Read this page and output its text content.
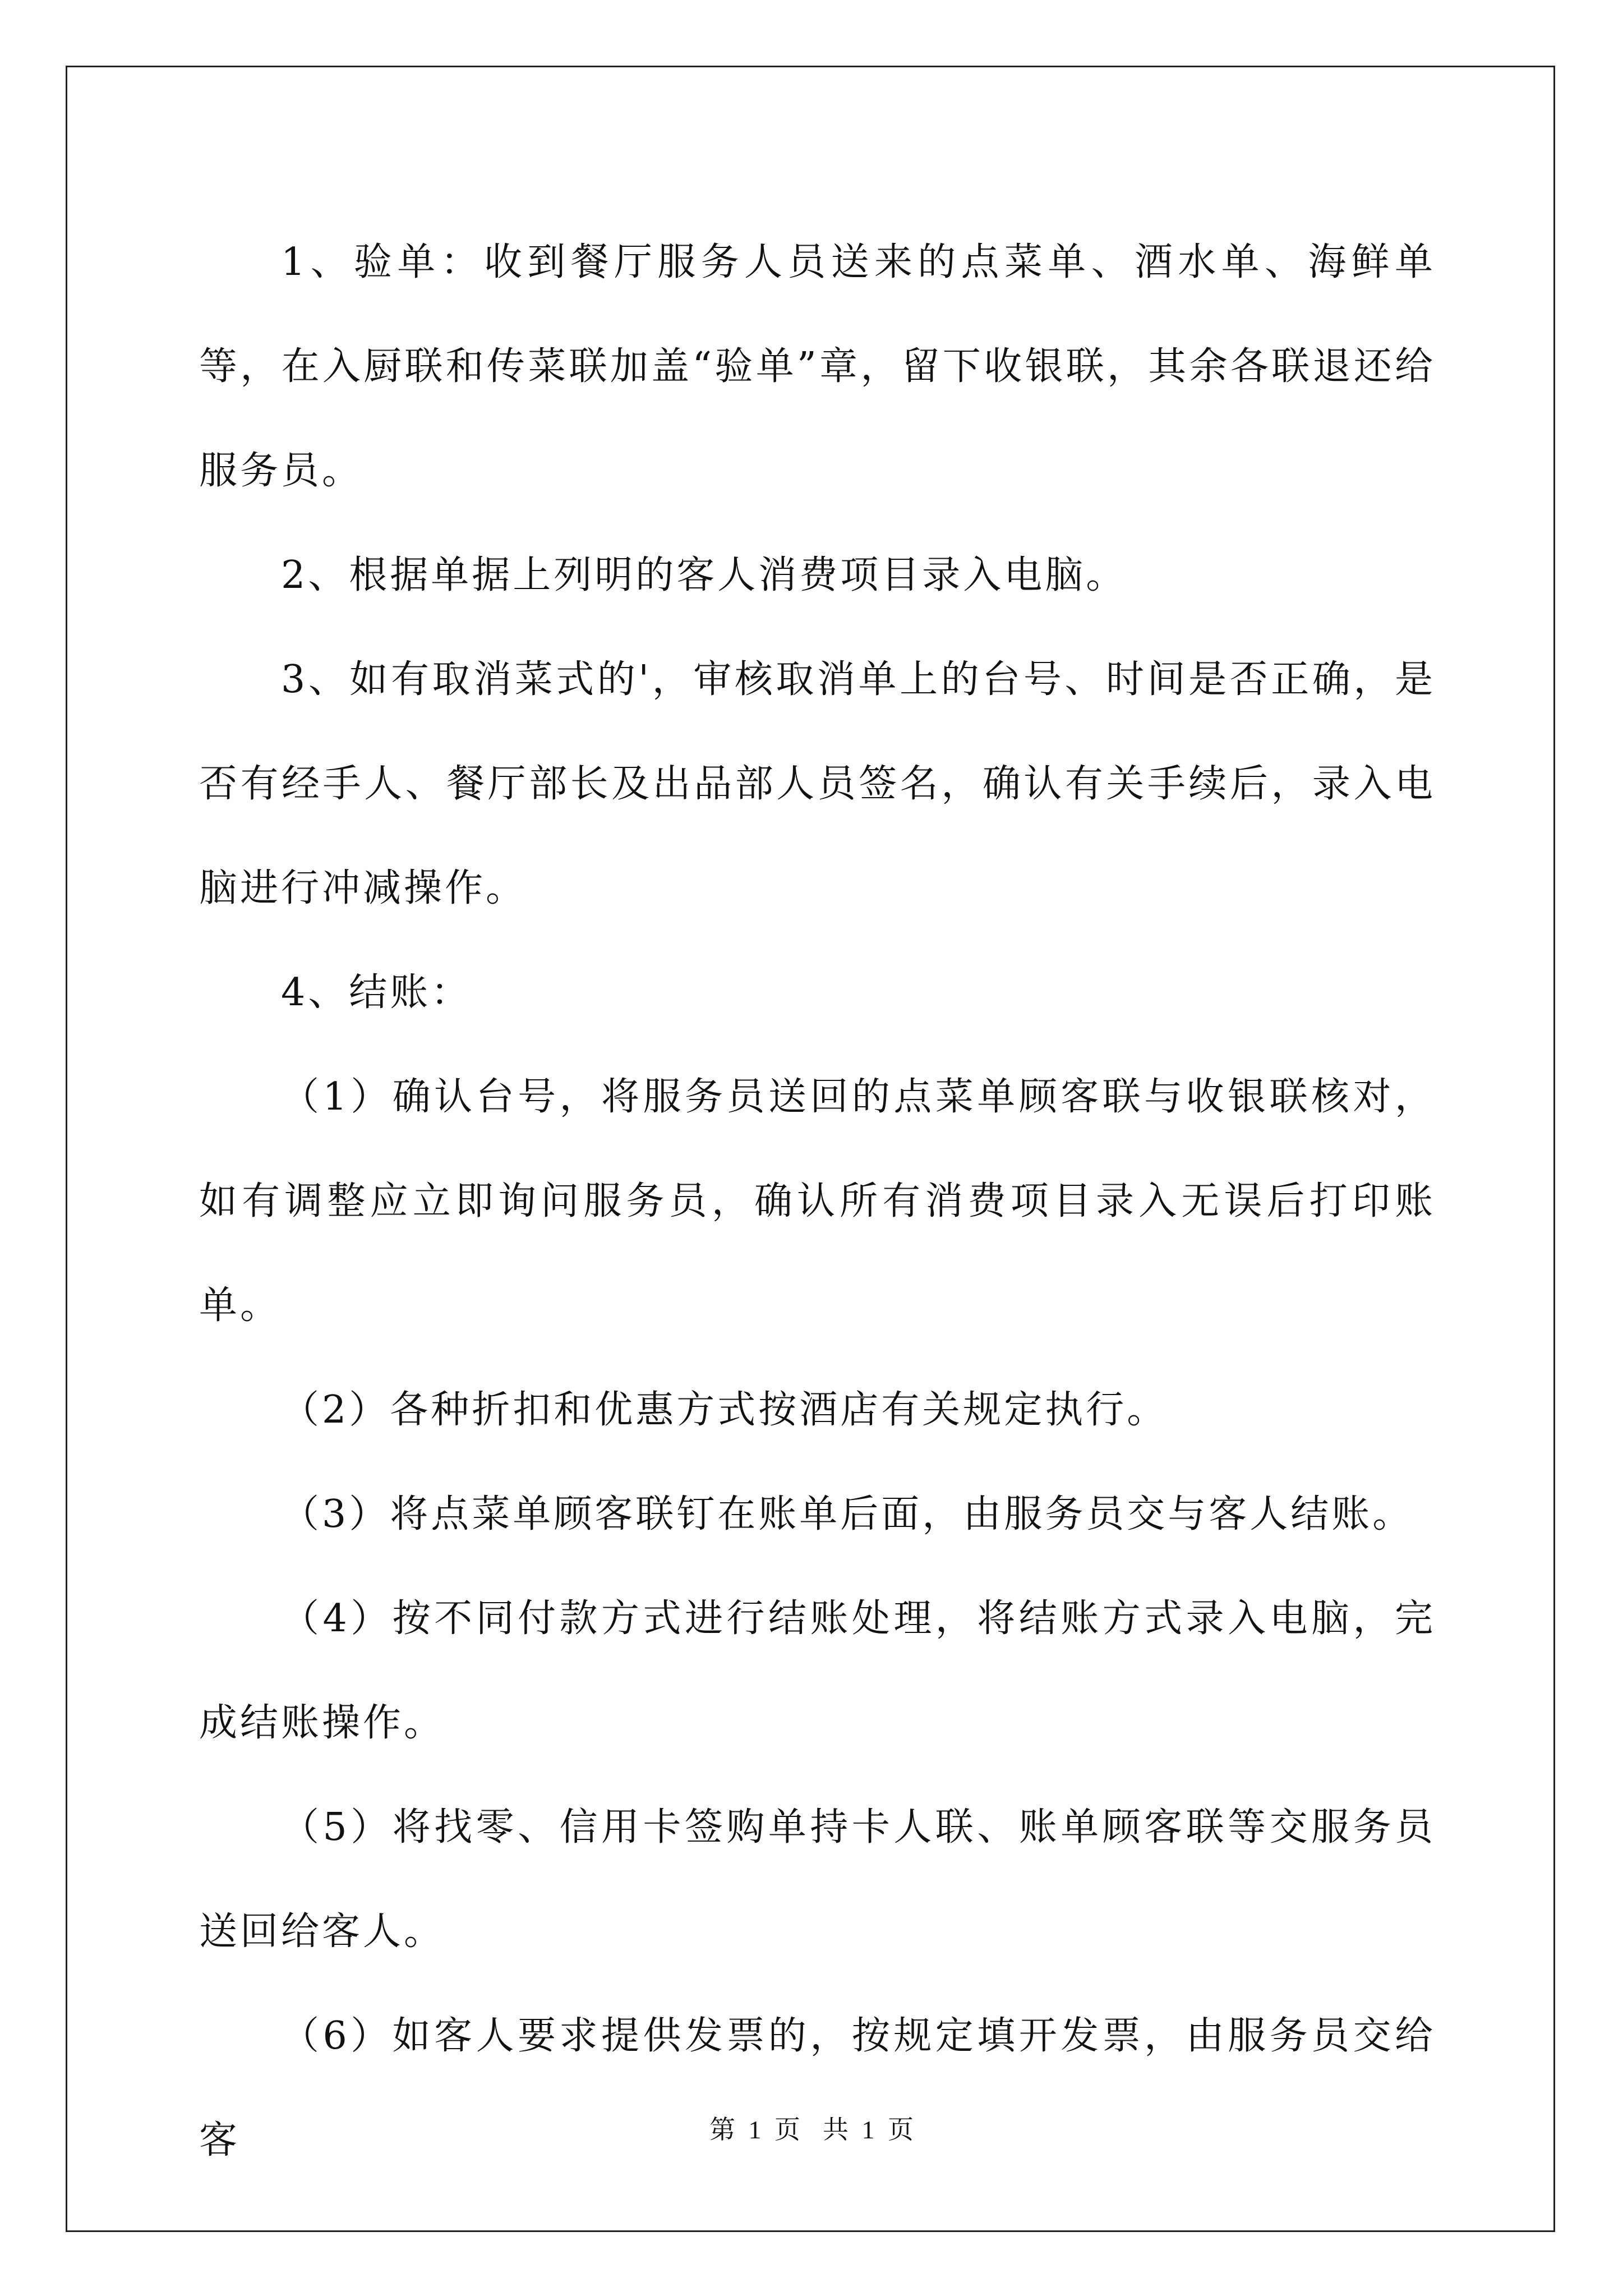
1、验单：收到餐厅服务人员送来的点菜单、酒水单、海鲜单等，在入厨联和传菜联加盖“验单”章，留下收银联，其余各联退还给服务员。

2、根据单据上列明的客人消费项目录入电脑。

3、如有取消菜式的'，审核取消单上的台号、时间是否正确，是否有经手人、餐厅部长及出品部人员签名，确认有关手续后，录入电脑进行冲减操作。

4、结账：

（1）确认台号，将服务员送回的点菜单顾客联与收银联核对，如有调整应立即询问服务员，确认所有消费项目录入无误后打印账单。

（2）各种折扣和优惠方式按酒店有关规定执行。

（3）将点菜单顾客联钉在账单后面，由服务员交与客人结账。

（4）按不同付款方式进行结账处理，将结账方式录入电脑，完成结账操作。

（5）将找零、信用卡签购单持卡人联、账单顾客联等交服务员送回给客人。

（6）如客人要求提供发票的，按规定填开发票，由服务员交给客	第 1 页 共 1 页
